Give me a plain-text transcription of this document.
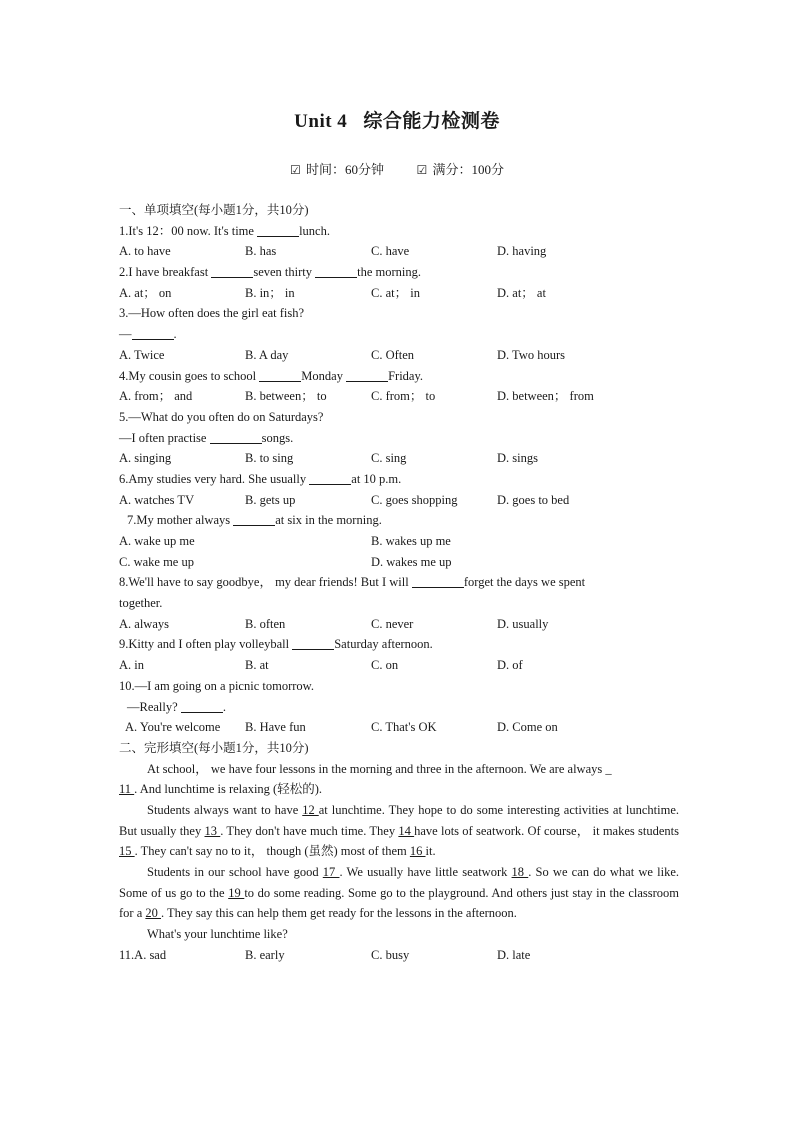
Unit 4 综合能力检测卷
☑ 时间：60分钟	☑ 满分：100分
一、单项填空(每小题1分，共10分)
1.It's 12：00 now. It's time	lunch.
A. to have	B. has	C. have	D. having
2.I have breakfast	seven thirty	the morning.
A. at； on	B. in； in	C. at； in	D. at； at
3.—How often does the girl eat fish?
—	.
A. Twice	B. A day	C. Often	D. Two hours
4.My cousin goes to school	Monday	Friday.
A. from； and	B. between； to	C. from； to	D. between； from
5.—What do you often do on Saturdays?
—I often practise	songs.
A. singing	B. to sing	C. sing	D. sings
6.Amy studies very hard. She usually	at 10 p.m.
A. watches TV	B. gets up	C. goes shopping	D. goes to bed
7.My mother always	at six in the morning.
A. wake up me	B. wakes up me
C. wake me up	D. wakes me up
8.We'll have to say goodbye， my dear friends! But I will	forget the days we spent
together.
A. always	B. often	C. never	D. usually
9.Kitty and I often play volleyball	Saturday afternoon.
A. in	B. at	C. on	D. of
10.—I am going on a picnic tomorrow.
—Really?	.
A. You're welcome	B. Have fun	C. That's OK	D. Come on
二、完形填空(每小题1分，共10分)
At school， we have four lessons in the morning and three in the afternoon. We are always _
11 . And lunchtime is relaxing (轻松的).
Students always want to have 12 at lunchtime. They hope to do some interesting activities at lunchtime. But usually they 13 . They don't have much time. They 14 have lots of seatwork. Of course， it makes students 15 . They can't say no to it， though (虽然) most of them 16 it.
Students in our school have good 17 . We usually have little seatwork 18 . So we can do what we like. Some of us go to the 19 to do some reading. Some go to the playground. And others just stay in the classroom for a 20 . They say this can help them get ready for the lessons in the afternoon.
What's your lunchtime like?
11.A. sad	B. early	C. busy	D. late
